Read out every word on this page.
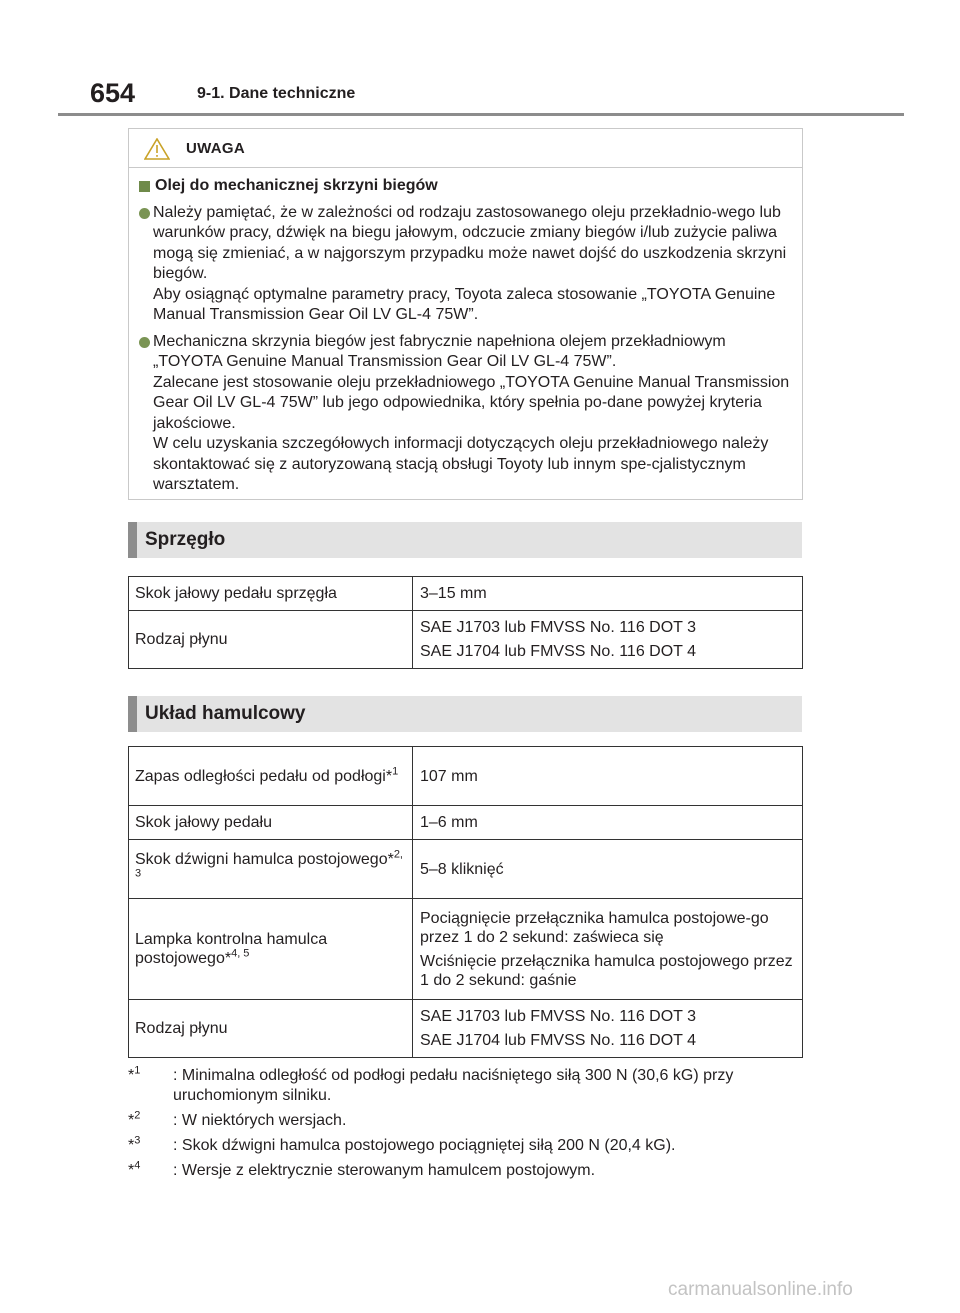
654	9-1. Dane techniczne
UWAGA
Olej do mechanicznej skrzyni biegów
Należy pamiętać, że w zależności od rodzaju zastosowanego oleju przekładnio-wego lub warunków pracy, dźwięk na biegu jałowym, odczucie zmiany biegów i/lub zużycie paliwa mogą się zmieniać, a w najgorszym przypadku może nawet dojść do uszkodzenia skrzyni biegów.
Aby osiągnąć optymalne parametry pracy, Toyota zaleca stosowanie „TOYOTA Genuine Manual Transmission Gear Oil LV GL-4 75W”.
Mechaniczna skrzynia biegów jest fabrycznie napełniona olejem przekładniowym „TOYOTA Genuine Manual Transmission Gear Oil LV GL-4 75W”.
Zalecane jest stosowanie oleju przekładniowego „TOYOTA Genuine Manual Transmission Gear Oil LV GL-4 75W” lub jego odpowiednika, który spełnia po-dane powyżej kryteria jakościowe.
W celu uzyskania szczegółowych informacji dotyczących oleju przekładniowego należy skontaktować się z autoryzowaną stacją obsługi Toyoty lub innym spe-cjalistycznym warsztatem.
Sprzęgło
Skok jałowy pedału sprzęgła	3–15 mm

Rodzaj płynu	SAE J1703 lub FMVSS No. 116 DOT 3
SAE J1704 lub FMVSS No. 116 DOT 4
Układ hamulcowy
Zapas odległości pedału od podłogi*$^1$	107 mm

Skok jałowy pedału	1–6 mm

Skok dźwigni hamulca postojowego*$^{2, 3}$	5–8 kliknięć

Lampka kontrolna hamulca postojowego*$^{4, 5}$	Pociągnięcie przełącznika hamulca postojowe-go przez 1 do 2 sekund: zaświeca się
Wciśnięcie przełącznika hamulca postojowego przez 1 do 2 sekund: gaśnie

Rodzaj płynu	SAE J1703 lub FMVSS No. 116 DOT 3
SAE J1704 lub FMVSS No. 116 DOT 4
*$^1$ : Minimalna odległość od podłogi pedału naciśniętego siłą 300 N (30,6 kG) przy uruchomionym silniku.
*$^2$ : W niektórych wersjach.
*$^3$ : Skok dźwigni hamulca postojowego pociągniętej siłą 200 N (20,4 kG).
*$^4$ : Wersje z elektrycznie sterowanym hamulcem postojowym.
carmanualsonline.info
